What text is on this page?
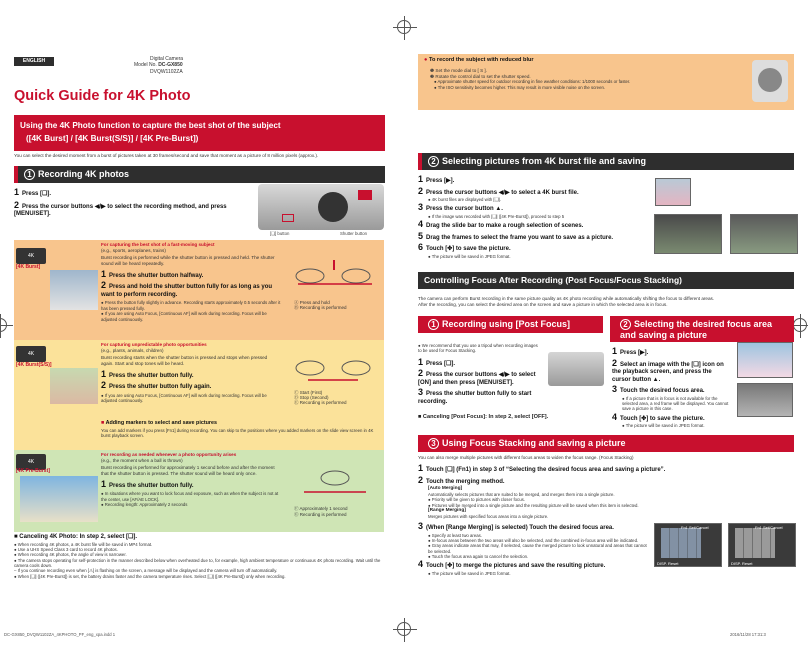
ENGLISH	Digital Camera
Model No. DC-GX850
DVQW1102ZA
Quick Guide for 4K Photo
Using the 4K Photo function to capture the best shot of the subject
([4K Burst] / [4K Burst(S/S)] / [4K Pre-Burst])
You can select the desired moment from a burst of pictures taken at 30 frames/second and save that moment as a picture of 8 million pixels (approx.).
1 Recording 4K photos
1 Press [❑].
2 Press the cursor buttons ◀/▶ to select the recording method, and press [MENU/SET].
[❑] button	Shutter button
4K
[4K Burst]
For capturing the best shot of a fast-moving subject
(e.g., sports, aeroplanes, trains)
Burst recording is performed while the shutter button is pressed and held. The shutter sound will be heard repeatedly.
1 Press the shutter button halfway.
2 Press and hold the shutter button fully for as long as you want to perform recording.
● Press the button fully slightly in advance. Recording starts approximately 0.5 seconds after it has been pressed fully.
● If you are using Auto Focus, [Continuous AF] will work during recording. Focus will be adjusted continuously.
Ⓐ Press and hold
Ⓑ Recording is performed
4K
[4K Burst(S/S)]
For capturing unpredictable photo opportunities
(e.g., plants, animals, children)
Burst recording starts when the shutter button is pressed and stops when pressed again. Start and stop tones will be heard.
1 Press the shutter button fully.
2 Press the shutter button fully again.
● If you are using Auto Focus, [Continuous AF] will work during recording. Focus will be adjusted continuously.
Ⓒ Start (First)
Ⓓ Stop (Second)
Ⓔ Recording is performed
■ Adding markers to select and save pictures
You can add markers if you press [Fn1] during recording. You can skip to the positions where you added markers on the slide view screen in 4K burst playback screen.
4K
[4K Pre-Burst]
For recording as needed whenever a photo opportunity arises
(e.g., the moment when a ball is thrown)
Burst recording is performed for approximately 1 second before and after the moment that the shutter button is pressed. The shutter sound will be heard only once.
1 Press the shutter button fully.
● In situations where you want to lock focus and exposure, such as when the subject is not at the center, use [AF/AE LOCK].
● Recording length: Approximately 2 seconds
Ⓕ Approximately 1 second
Ⓖ Recording is performed
■ Canceling 4K Photo: In step 2, select [❑].
● When recording 4K photos, a 4K burst file will be saved in MP4 format.
● Use a UHS Speed Class 3 card to record 4K photos.
● When recording 4K photos, the angle of view is narrower.
● The camera stops operating for self-protection in the manner described below when overheated due to, for example, high ambient temperature or continuous 4K photo recording. Wait until the camera cools down.
– If you continue recording even when [⚠] is flashing on the screen, a message will be displayed and the camera will turn off automatically.
● When [❑] ([4K Pre-Burst]) is set, the battery drains faster and the camera temperature rises. Select [❑] ([4K Pre-Burst]) only when recording.
● To record the subject with reduced blur
❶ Set the mode dial to [ S ].
❷ Rotate the control dial to set the shutter speed.
● Approximate shutter speed for outdoor recording in fine weather conditions: 1/1000 seconds or faster.
● The ISO sensitivity becomes higher. This may result in more visible noise on the screen.
2 Selecting pictures from 4K burst file and saving
1 Press [▶].
2 Press the cursor buttons ◀/▶ to select a 4K burst file.
● 4K burst files are displayed with [❑].
3 Press the cursor button ▲.
● If the image was recorded with [❑] ([4K Pre-Burst]), proceed to step 5
4 Drag the slide bar to make a rough selection of scenes.
5 Drag the frames to select the frame you want to save as a picture.
6 Touch [✤] to save the picture.
● The picture will be saved in JPEG format.
Controlling Focus After Recording (Post Focus/Focus Stacking)
The camera can perform Burst recording in the same picture quality as 4K photo recording while automatically shifting the focus to different areas.
After the recording, you can select the desired area on the screen and save a picture in which the selected area is in focus.
1 Recording using [Post Focus]
● We recommend that you use a tripod when recording images to be used for Focus Stacking.
1 Press [❑].
2 Press the cursor buttons ◀/▶ to select [ON] and then press [MENU/SET].
3 Press the shutter button fully to start recording.
■ Canceling [Post Focus]: In step 2, select [OFF].
2 Selecting the desired focus area and saving a picture
1 Press [▶].
2 Select an image with the [❑] icon on the playback screen, and press the cursor button ▲.
3 Touch the desired focus area.
● If a picture that is in focus is not available for the selected area, a red frame will be displayed. You cannot save a picture in this case.
4 Touch [✤] to save the picture.
● The picture will be saved in JPEG format.
3 Using Focus Stacking and saving a picture
You can also merge multiple pictures with different focus areas to widen the focus range. (Focus Stacking)
1 Touch [❑] (Fn1) in step 3 of “Selecting the desired focus area and saving a picture”.
2 Touch the merging method.
[Auto Merging]
Automatically selects pictures that are suited to be merged, and merges them into a single picture.
● Priority will be given to pictures with closer focus.
● Pictures will be merged into a single picture and the resulting picture will be saved when this item is selected.
[Range Merging]
Merges pictures with specified focus areas into a single picture.
3 (When [Range Merging] is selected) Touch the desired focus area.
● Specify at least two areas.
● In-focus areas between the two areas will also be selected, and the combined in-focus area will be indicated.
● Gray areas indicate areas that may, if selected, cause the merged picture to look unnatural and areas that cannot be selected.
● Touch the focus area again to cancel the selection.
4 Touch [✤] to merge the pictures and save the resulting picture.
● The picture will be saved in JPEG format.
Fn1 Set/Cancel
DISP. Reset
Fn1 Set/Cancel
DISP. Reset
DC-GX850_DVQW1102ZA_4KPHOTO_PF_eng_xpa.indd 1	2016/11/28 17:31:3
